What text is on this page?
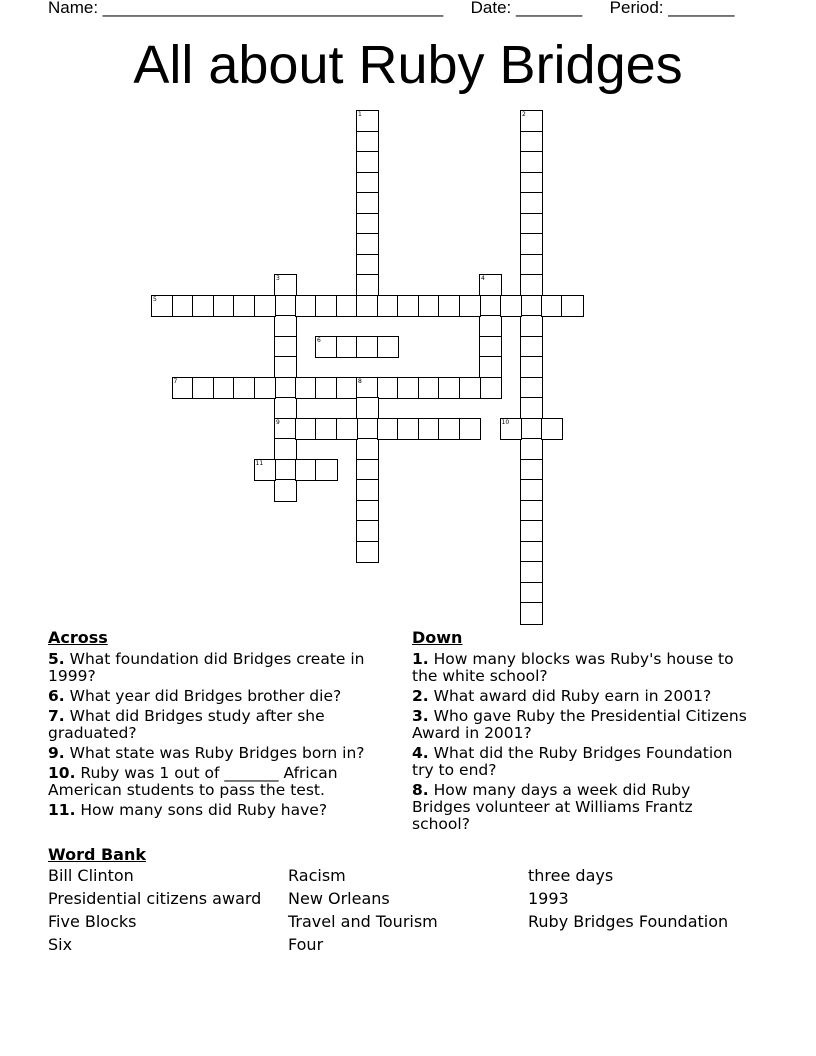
Name: ____________________________________ Date: _______ Period: _______
All about Ruby Bridges
1	2
3
9
4
5
6
7	8
10
11
Across
5. What foundation did Bridges create in 1999?
6. What year did Bridges brother die?
7. What did Bridges study after she graduated?
9. What state was Ruby Bridges born in?
10. Ruby was 1 out of _______ African American students to pass the test.
11. How many sons did Ruby have?
Down
1. How many blocks was Ruby's house to the white school?
2. What award did Ruby earn in 2001?
3. Who gave Ruby the Presidential Citizens Award in 2001?
4. What did the Ruby Bridges Foundation try to end?
8. How many days a week did Ruby Bridges volunteer at Williams Frantz school?
Word Bank
Bill Clinton	Racism	three days
Presidential citizens award	New Orleans	1993
Five Blocks	Travel and Tourism	Ruby Bridges Foundation
Six	Four
